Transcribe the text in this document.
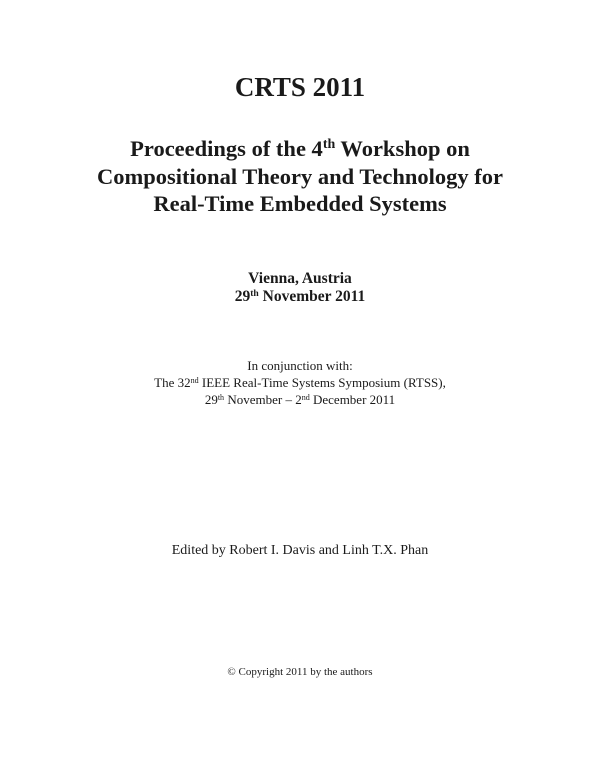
CRTS 2011
Proceedings of the 4th Workshop on
Compositional Theory and Technology for
Real-Time Embedded Systems
Vienna, Austria
29th November 2011
In conjunction with:
The 32nd IEEE Real-Time Systems Symposium (RTSS),
29th November – 2nd December 2011
Edited by Robert I. Davis and Linh T.X. Phan
© Copyright 2011 by the authors
